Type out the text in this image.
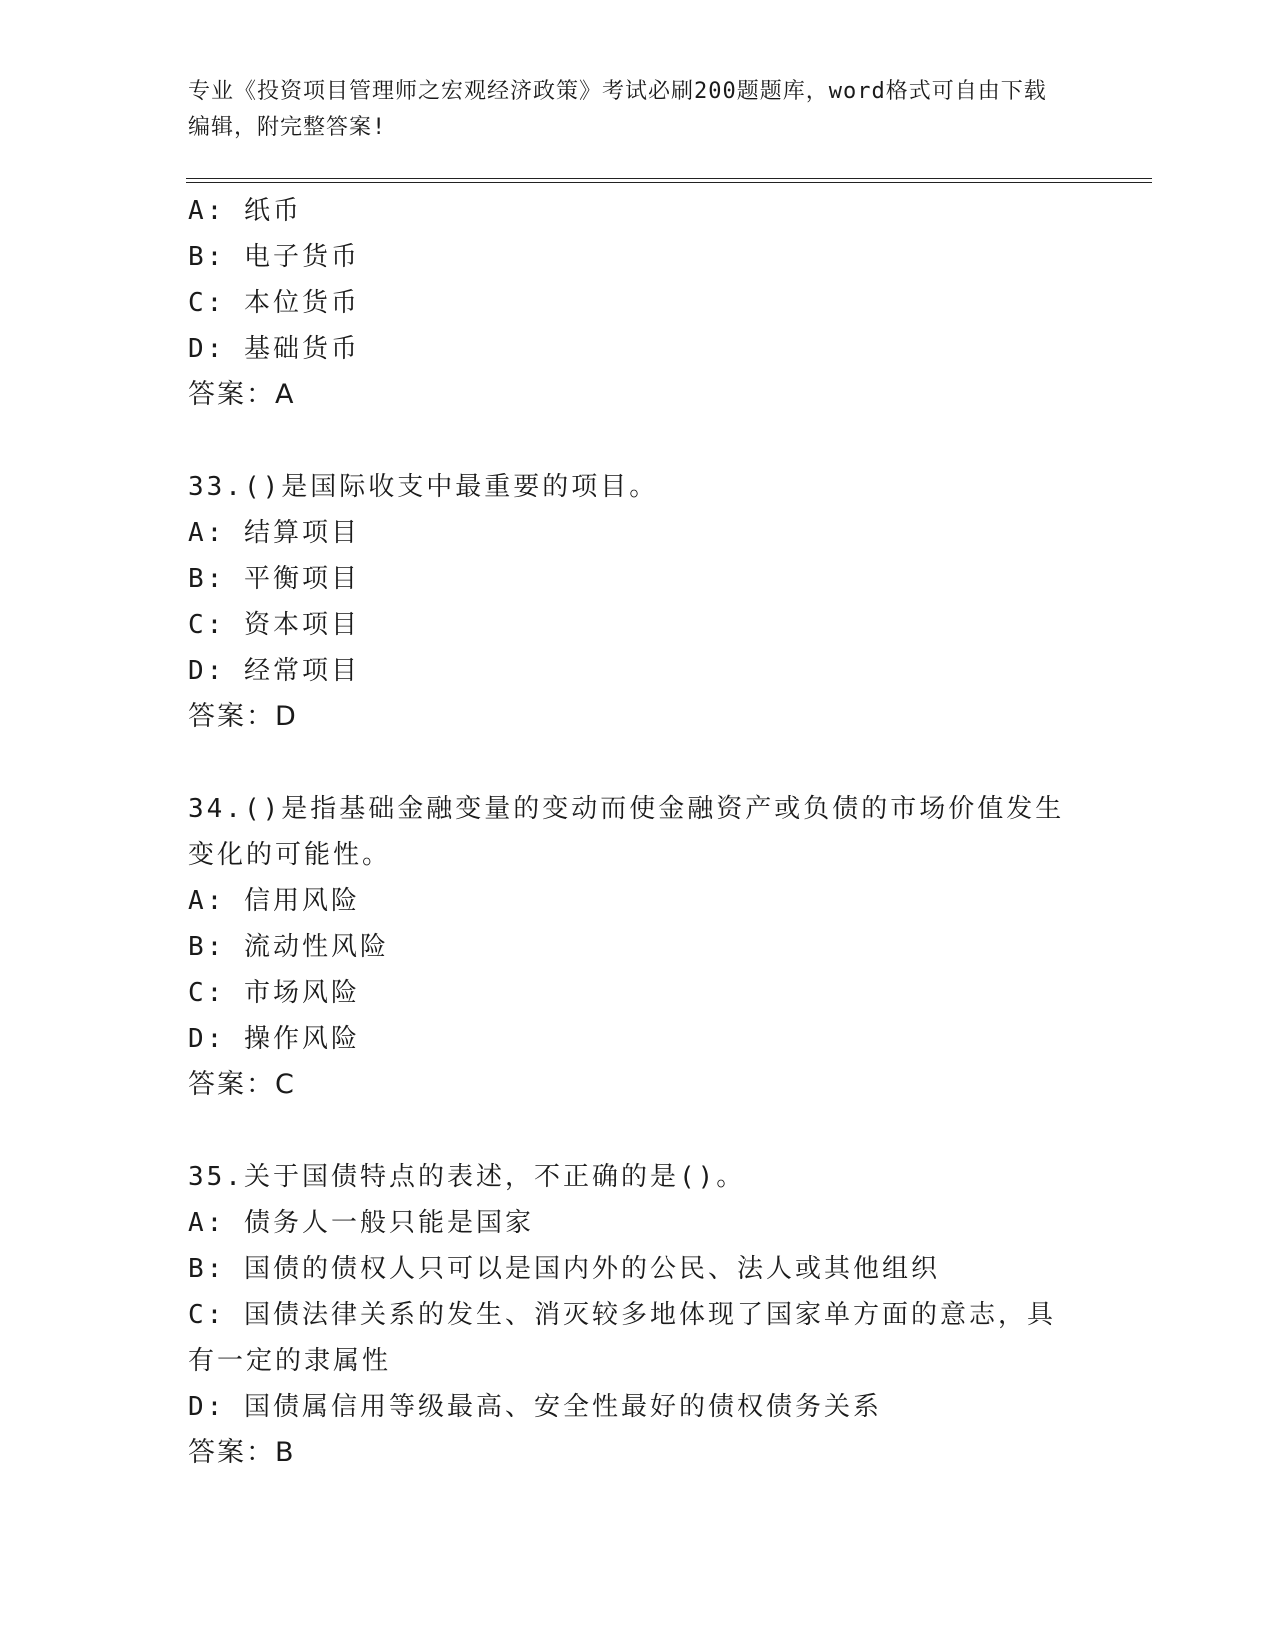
专业《投资项目管理师之宏观经济政策》考试必刷200题题库，word格式可自由下载编辑，附完整答案!
A: 纸币
B: 电子货币
C: 本位货币
D: 基础货币
答案：A
33.()是国际收支中最重要的项目。
A: 结算项目
B: 平衡项目
C: 资本项目
D: 经常项目
答案：D
34.()是指基础金融变量的变动而使金融资产或负债的市场价值发生变化的可能性。
A: 信用风险
B: 流动性风险
C: 市场风险
D: 操作风险
答案：C
35.关于国债特点的表述，不正确的是()。
A: 债务人一般只能是国家
B: 国债的债权人只可以是国内外的公民、法人或其他组织
C: 国债法律关系的发生、消灭较多地体现了国家单方面的意志，具有一定的隶属性
D: 国债属信用等级最高、安全性最好的债权债务关系
答案：B
